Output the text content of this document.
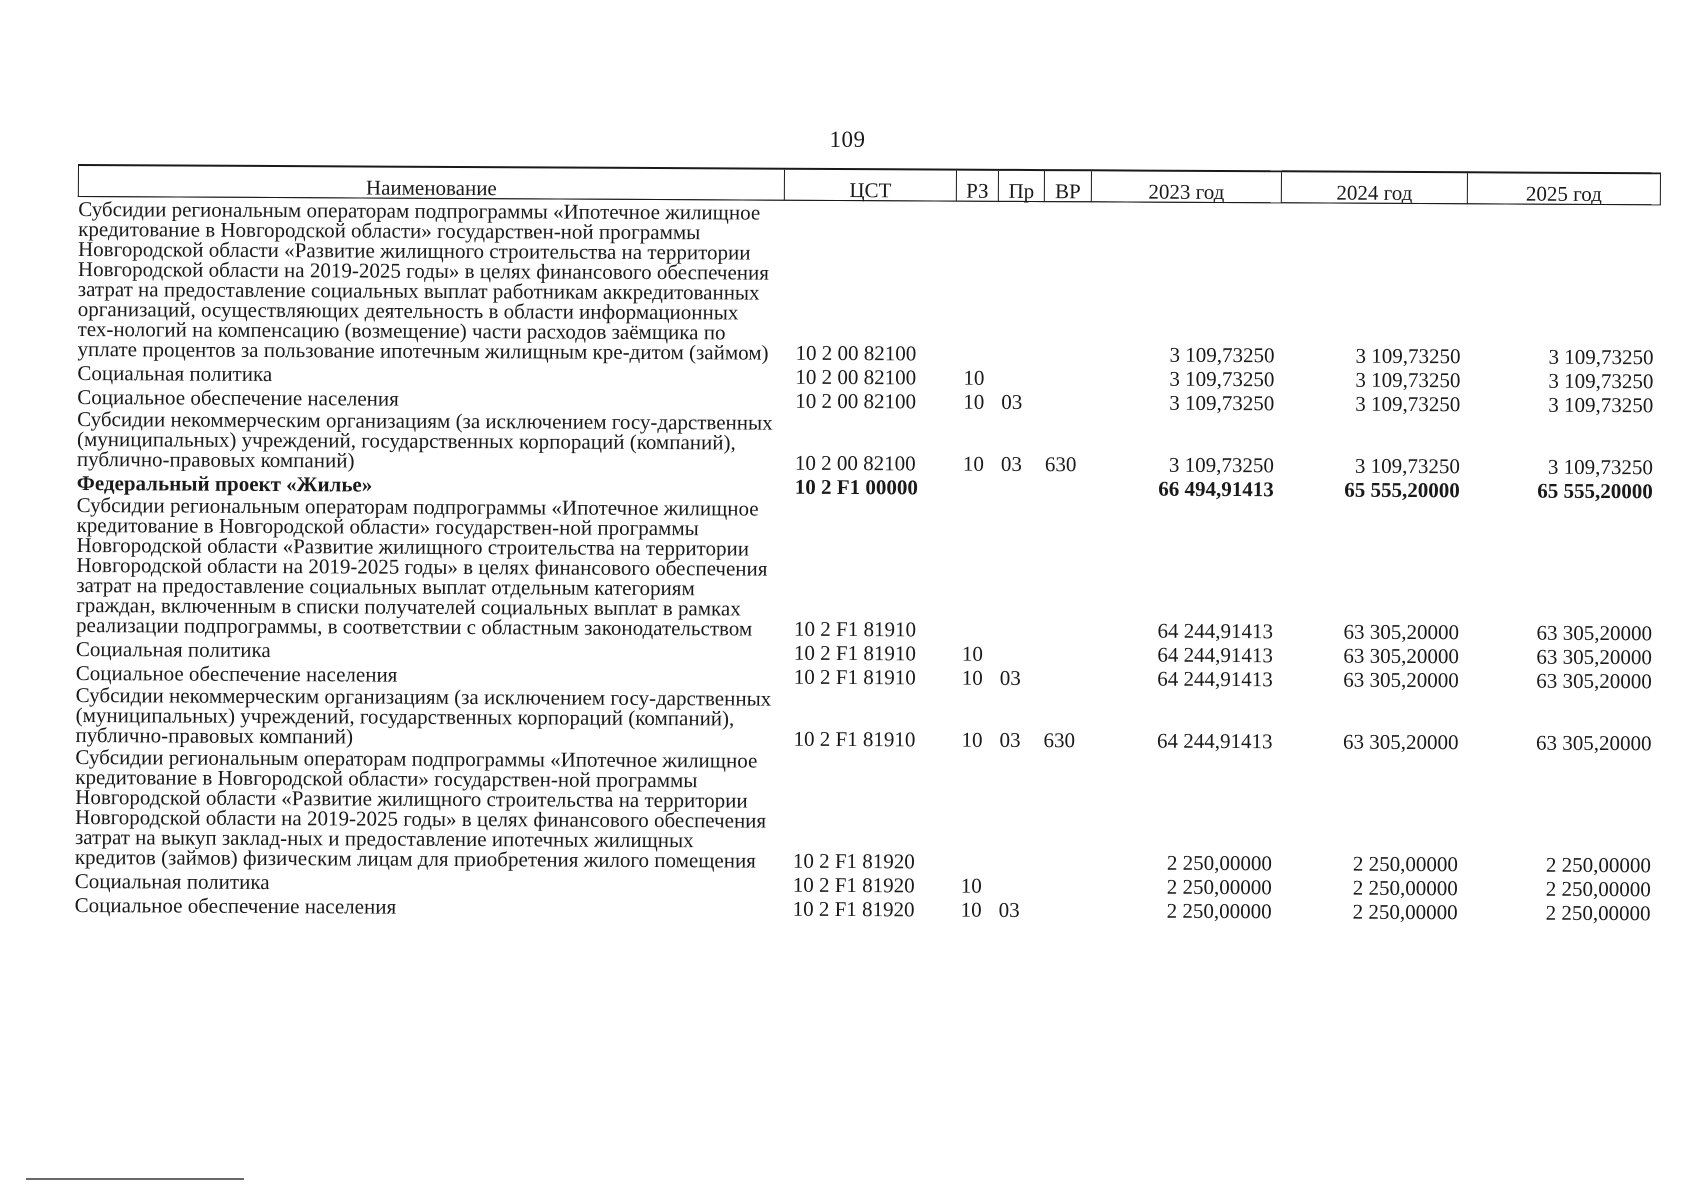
109
Наименование	ЦСТ	РЗ	Пр	ВР	2023 год	2024 год	2025 год
Субсидии региональным операторам подпрограммы «Ипотечное жилищное кредитование в Новгородской области» государствен-ной программы Новгородской области «Развитие жилищного строительства на территории Новгородской области на 2019-2025 годы» в целях финансового обеспечения затрат на предоставление социальных выплат работникам аккредитованных организаций, осуществляющих деятельность в области информационных тех-нологий на компенсацию (возмещение) части расходов заёмщика по уплате процентов за пользование ипотечным жилищным кре-дитом (займом)	10 2 00 82100				3 109,73250	3 109,73250	3 109,73250
Социальная политика	10 2 00 82100	10			3 109,73250	3 109,73250	3 109,73250
Социальное обеспечение населения	10 2 00 82100	10	03		3 109,73250	3 109,73250	3 109,73250
Субсидии некоммерческим организациям (за исключением госу-дарственных (муниципальных) учреждений, государственных корпораций (компаний), публично-правовых компаний)	10 2 00 82100	10	03	630	3 109,73250	3 109,73250	3 109,73250
Федеральный проект «Жилье»	10 2 F1 00000				66 494,91413	65 555,20000	65 555,20000
Субсидии региональным операторам подпрограммы «Ипотечное жилищное кредитование в Новгородской области» государствен-ной программы Новгородской области «Развитие жилищного строительства на территории Новгородской области на 2019-2025 годы» в целях финансового обеспечения затрат на предоставление социальных выплат отдельным категориям граждан, включенным в списки получателей социальных выплат в рамках реализации подпрограммы, в соответствии с областным законодательством	10 2 F1 81910				64 244,91413	63 305,20000	63 305,20000
Социальная политика	10 2 F1 81910	10			64 244,91413	63 305,20000	63 305,20000
Социальное обеспечение населения	10 2 F1 81910	10	03		64 244,91413	63 305,20000	63 305,20000
Субсидии некоммерческим организациям (за исключением госу-дарственных (муниципальных) учреждений, государственных корпораций (компаний), публично-правовых компаний)	10 2 F1 81910	10	03	630	64 244,91413	63 305,20000	63 305,20000
Субсидии региональным операторам подпрограммы «Ипотечное жилищное кредитование в Новгородской области» государствен-ной программы Новгородской области «Развитие жилищного строительства на территории Новгородской области на 2019-2025 годы» в целях финансового обеспечения затрат на выкуп заклад-ных и предоставление ипотечных жилищных кредитов (займов) физическим лицам для приобретения жилого помещения	10 2 F1 81920				2 250,00000	2 250,00000	2 250,00000
Социальная политика	10 2 F1 81920	10			2 250,00000	2 250,00000	2 250,00000
Социальное обеспечение населения	10 2 F1 81920	10	03		2 250,00000	2 250,00000	2 250,00000
